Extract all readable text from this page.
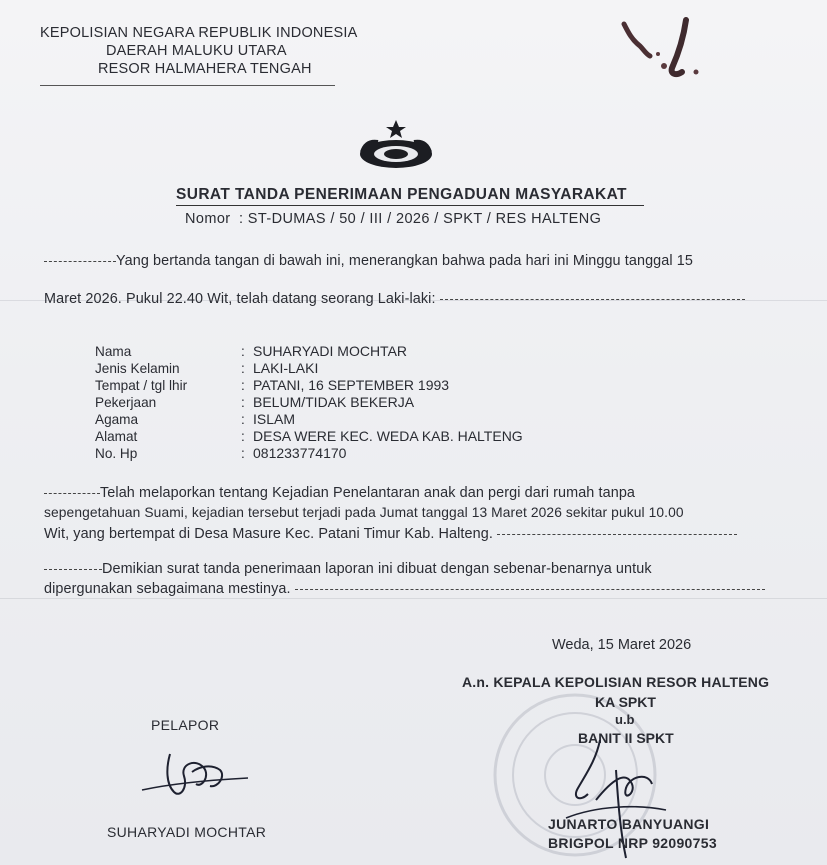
KEPOLISIAN NEGARA REPUBLIK INDONESIA
DAERAH MALUKU UTARA
RESOR HALMAHERA TENGAH
SURAT TANDA PENERIMAAN PENGADUAN MASYARAKAT
Nomor : ST-DUMAS / 50 / III / 2026 / SPKT / RES HALTENG
Yang bertanda tangan di bawah ini, menerangkan bahwa pada hari ini Minggu tanggal 15
Maret 2026. Pukul 22.40 Wit, telah datang seorang Laki-laki:
Nama	: SUHARYADI MOCHTAR
Jenis Kelamin	: LAKI-LAKI
Tempat / tgl lhir	: PATANI, 16 SEPTEMBER 1993
Pekerjaan	: BELUM/TIDAK BEKERJA
Agama	: ISLAM
Alamat	: DESA WERE KEC. WEDA KAB. HALTENG
No. Hp	: 081233774170
Telah melaporkan tentang Kejadian Penelantaran anak dan pergi dari rumah tanpa
sepengetahuan Suami, kejadian tersebut terjadi pada Jumat tanggal 13 Maret 2026 sekitar pukul 10.00
Wit, yang bertempat di Desa Masure Kec. Patani Timur Kab. Halteng.
Demikian surat tanda penerimaan laporan ini dibuat dengan sebenar-benarnya untuk
dipergunakan sebagaimana mestinya.
Weda, 15 Maret 2026
A.n. KEPALA KEPOLISIAN RESOR HALTENG
KA SPKT
u.b
BANIT II SPKT
JUNARTO BANYUANGI
BRIGPOL NRP 92090753
PELAPOR
SUHARYADI MOCHTAR
